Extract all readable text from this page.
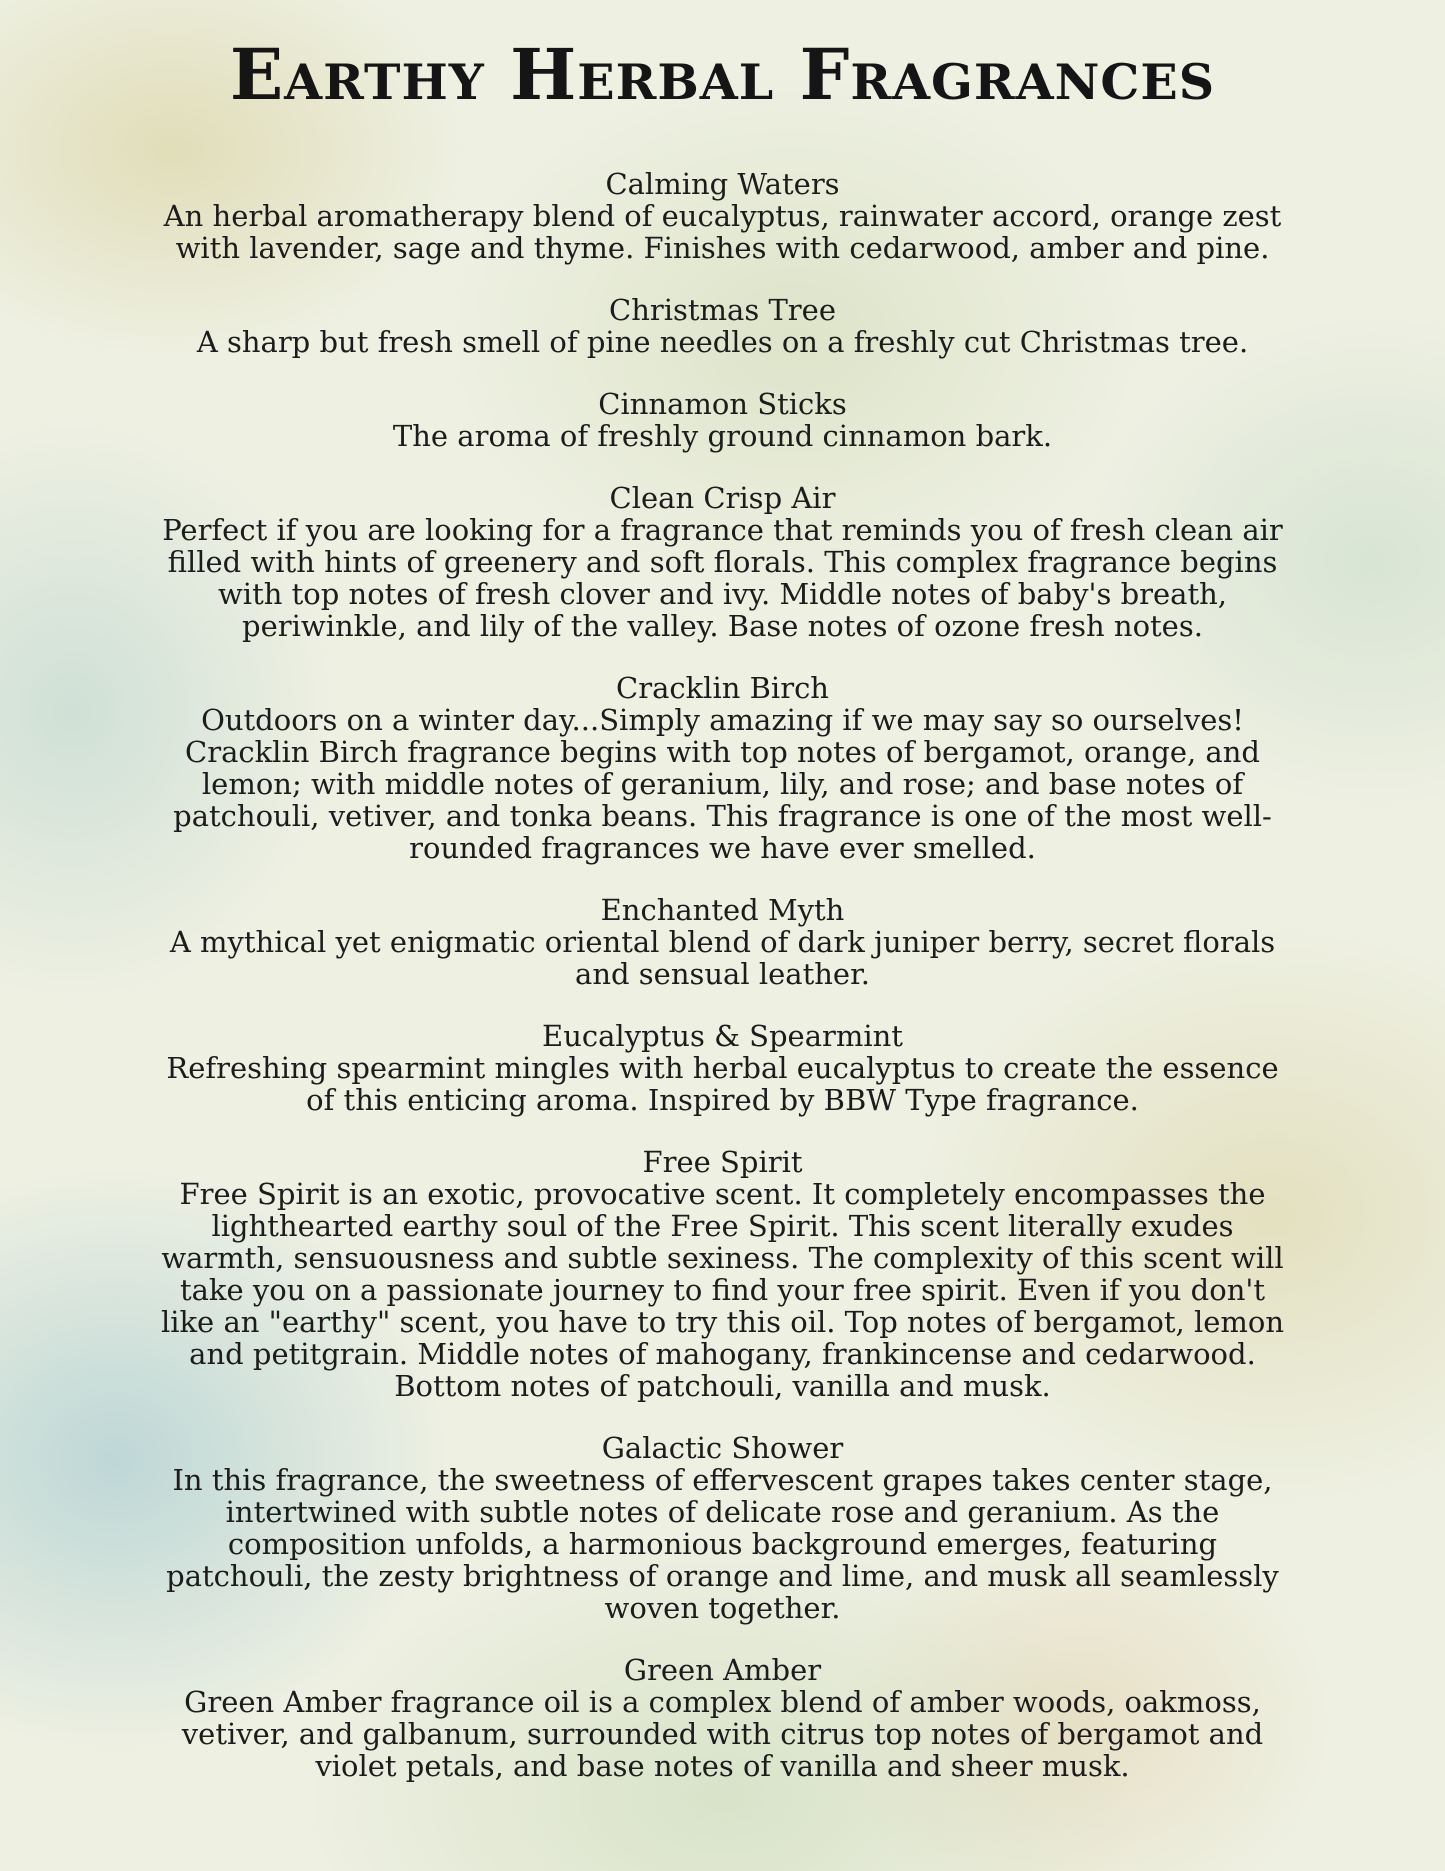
Earthy Herbal Fragrances
Calming Waters
An herbal aromatherapy blend of eucalyptus, rainwater accord, orange zest
with lavender, sage and thyme. Finishes with cedarwood, amber and pine.
Christmas Tree
A sharp but fresh smell of pine needles on a freshly cut Christmas tree.
Cinnamon Sticks
The aroma of freshly ground cinnamon bark.
Clean Crisp Air
Perfect if you are looking for a fragrance that reminds you of fresh clean air
filled with hints of greenery and soft florals. This complex fragrance begins
with top notes of fresh clover and ivy. Middle notes of baby's breath,
periwinkle, and lily of the valley. Base notes of ozone fresh notes.
Cracklin Birch
Outdoors on a winter day...Simply amazing if we may say so ourselves!
Cracklin Birch fragrance begins with top notes of bergamot, orange, and
lemon; with middle notes of geranium, lily, and rose; and base notes of
patchouli, vetiver, and tonka beans. This fragrance is one of the most well-
rounded fragrances we have ever smelled.
Enchanted Myth
A mythical yet enigmatic oriental blend of dark juniper berry, secret florals
and sensual leather.
Eucalyptus & Spearmint
Refreshing spearmint mingles with herbal eucalyptus to create the essence
of this enticing aroma. Inspired by BBW Type fragrance.
Free Spirit
Free Spirit is an exotic, provocative scent. It completely encompasses the
lighthearted earthy soul of the Free Spirit. This scent literally exudes
warmth, sensuousness and subtle sexiness. The complexity of this scent will
take you on a passionate journey to find your free spirit. Even if you don't
like an "earthy" scent, you have to try this oil. Top notes of bergamot, lemon
and petitgrain. Middle notes of mahogany, frankincense and cedarwood.
Bottom notes of patchouli, vanilla and musk.
Galactic Shower
In this fragrance, the sweetness of effervescent grapes takes center stage,
intertwined with subtle notes of delicate rose and geranium. As the
composition unfolds, a harmonious background emerges, featuring
patchouli, the zesty brightness of orange and lime, and musk all seamlessly
woven together.
Green Amber
Green Amber fragrance oil is a complex blend of amber woods, oakmoss,
vetiver, and galbanum, surrounded with citrus top notes of bergamot and
violet petals, and base notes of vanilla and sheer musk.
